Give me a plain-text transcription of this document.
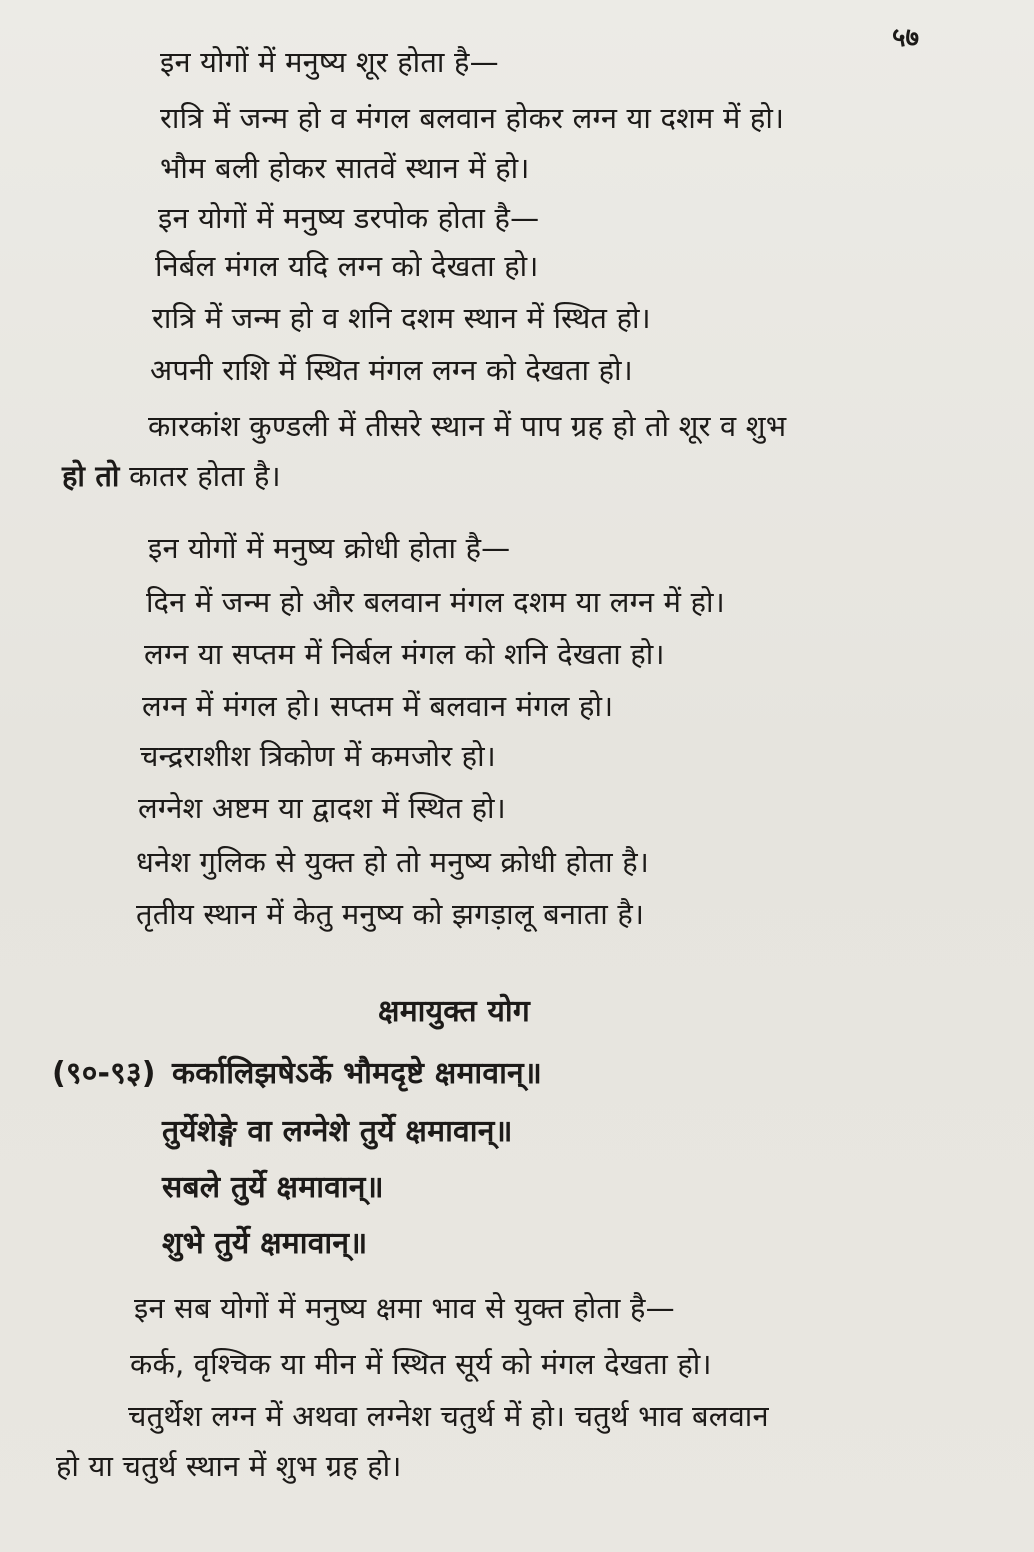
५७
इन योगों में मनुष्य शूर होता है—
रात्रि में जन्म हो व मंगल बलवान होकर लग्न या दशम में हो।
भौम बली होकर सातवें स्थान में हो।
इन योगों में मनुष्य डरपोक होता है—
निर्बल मंगल यदि लग्न को देखता हो।
रात्रि में जन्म हो व शनि दशम स्थान में स्थित हो।
अपनी राशि में स्थित मंगल लग्न को देखता हो।
कारकांश कुण्डली में तीसरे स्थान में पाप ग्रह हो तो शूर व शुभ
हो तो कातर होता है।
इन योगों में मनुष्य क्रोधी होता है—
दिन में जन्म हो और बलवान मंगल दशम या लग्न में हो।
लग्न या सप्तम में निर्बल मंगल को शनि देखता हो।
लग्न में मंगल हो। सप्तम में बलवान मंगल हो।
चन्द्रराशीश त्रिकोण में कमजोर हो।
लग्नेश अष्टम या द्वादश में स्थित हो।
धनेश गुलिक से युक्त हो तो मनुष्य क्रोधी होता है।
तृतीय स्थान में केतु मनुष्य को झगड़ालू बनाता है।
क्षमायुक्त योग
(९०-९३) कर्कालिझषेऽर्के भौमदृष्टे क्षमावान्॥
तुर्येशेङ्गे वा लग्नेशे तुर्ये क्षमावान्॥
सबले तुर्ये क्षमावान्॥
शुभे तुर्ये क्षमावान्॥
इन सब योगों में मनुष्य क्षमा भाव से युक्त होता है—
कर्क, वृश्चिक या मीन में स्थित सूर्य को मंगल देखता हो।
चतुर्थेश लग्न में अथवा लग्नेश चतुर्थ में हो। चतुर्थ भाव बलवान
हो या चतुर्थ स्थान में शुभ ग्रह हो।
